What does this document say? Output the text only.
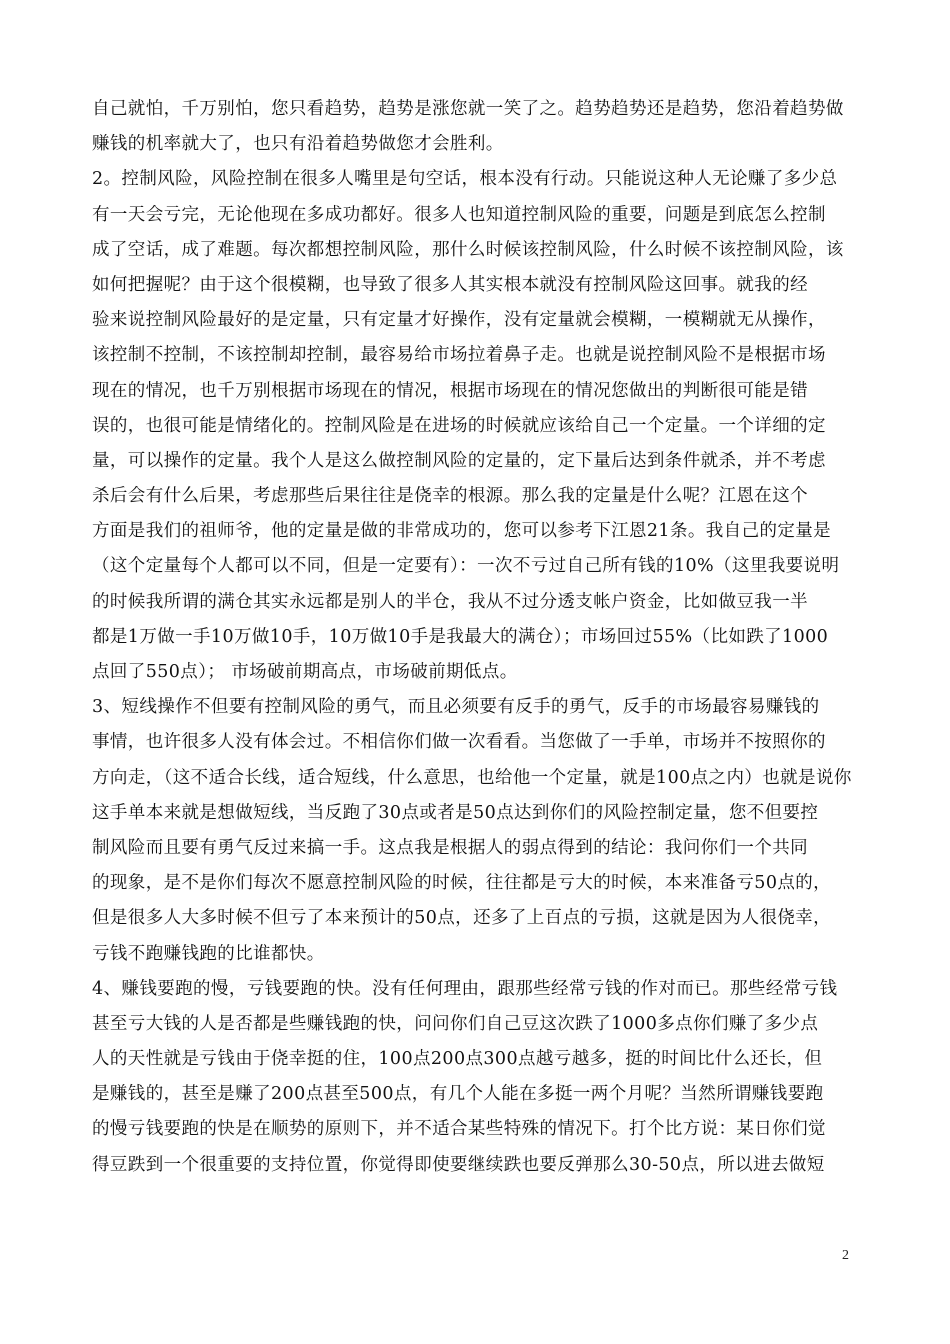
自己就怕，千万别怕，您只看趋势，趋势是涨您就一笑了之。趋势趋势还是趋势，您沿着趋势做
赚钱的机率就大了，也只有沿着趋势做您才会胜利。
2。控制风险，风险控制在很多人嘴里是句空话，根本没有行动。只能说这种人无论赚了多少总
有一天会亏完，无论他现在多成功都好。很多人也知道控制风险的重要，问题是到底怎么控制
成了空话，成了难题。每次都想控制风险，那什么时候该控制风险，什么时候不该控制风险，该
如何把握呢？由于这个很模糊，也导致了很多人其实根本就没有控制风险这回事。就我的经
验来说控制风险最好的是定量，只有定量才好操作，没有定量就会模糊，一模糊就无从操作，
该控制不控制，不该控制却控制，最容易给市场拉着鼻子走。也就是说控制风险不是根据市场
现在的情况，也千万别根据市场现在的情况，根据市场现在的情况您做出的判断很可能是错
误的，也很可能是情绪化的。控制风险是在进场的时候就应该给自己一个定量。一个详细的定
量，可以操作的定量。我个人是这么做控制风险的定量的，定下量后达到条件就杀，并不考虑
杀后会有什么后果，考虑那些后果往往是侥幸的根源。那么我的定量是什么呢？江恩在这个
方面是我们的祖师爷，他的定量是做的非常成功的，您可以参考下江恩21条。我自己的定量是
（这个定量每个人都可以不同，但是一定要有）：一次不亏过自己所有钱的10%（这里我要说明
的时候我所谓的满仓其实永远都是别人的半仓，我从不过分透支帐户资金，比如做豆我一半
都是1万做一手10万做10手，10万做10手是我最大的满仓）；市场回过55%（比如跌了1000
点回了550点）； 市场破前期高点，市场破前期低点。
3、短线操作不但要有控制风险的勇气，而且必须要有反手的勇气，反手的市场最容易赚钱的
事情，也许很多人没有体会过。不相信你们做一次看看。当您做了一手单，市场并不按照你的
方向走，（这不适合长线，适合短线，什么意思，也给他一个定量，就是100点之内）也就是说你
这手单本来就是想做短线，当反跑了30点或者是50点达到你们的风险控制定量，您不但要控
制风险而且要有勇气反过来搞一手。这点我是根据人的弱点得到的结论：我问你们一个共同
的现象，是不是你们每次不愿意控制风险的时候，往往都是亏大的时候，本来准备亏50点的，
但是很多人大多时候不但亏了本来预计的50点，还多了上百点的亏损，这就是因为人很侥幸，
亏钱不跑赚钱跑的比谁都快。
4、赚钱要跑的慢，亏钱要跑的快。没有任何理由，跟那些经常亏钱的作对而已。那些经常亏钱
甚至亏大钱的人是否都是些赚钱跑的快，问问你们自己豆这次跌了1000多点你们赚了多少点
人的天性就是亏钱由于侥幸挺的住，100点200点300点越亏越多，挺的时间比什么还长，但
是赚钱的，甚至是赚了200点甚至500点，有几个人能在多挺一两个月呢？当然所谓赚钱要跑
的慢亏钱要跑的快是在顺势的原则下，并不适合某些特殊的情况下。打个比方说：某日你们觉
得豆跌到一个很重要的支持位置，你觉得即使要继续跌也要反弹那么30-50点，所以进去做短
2
